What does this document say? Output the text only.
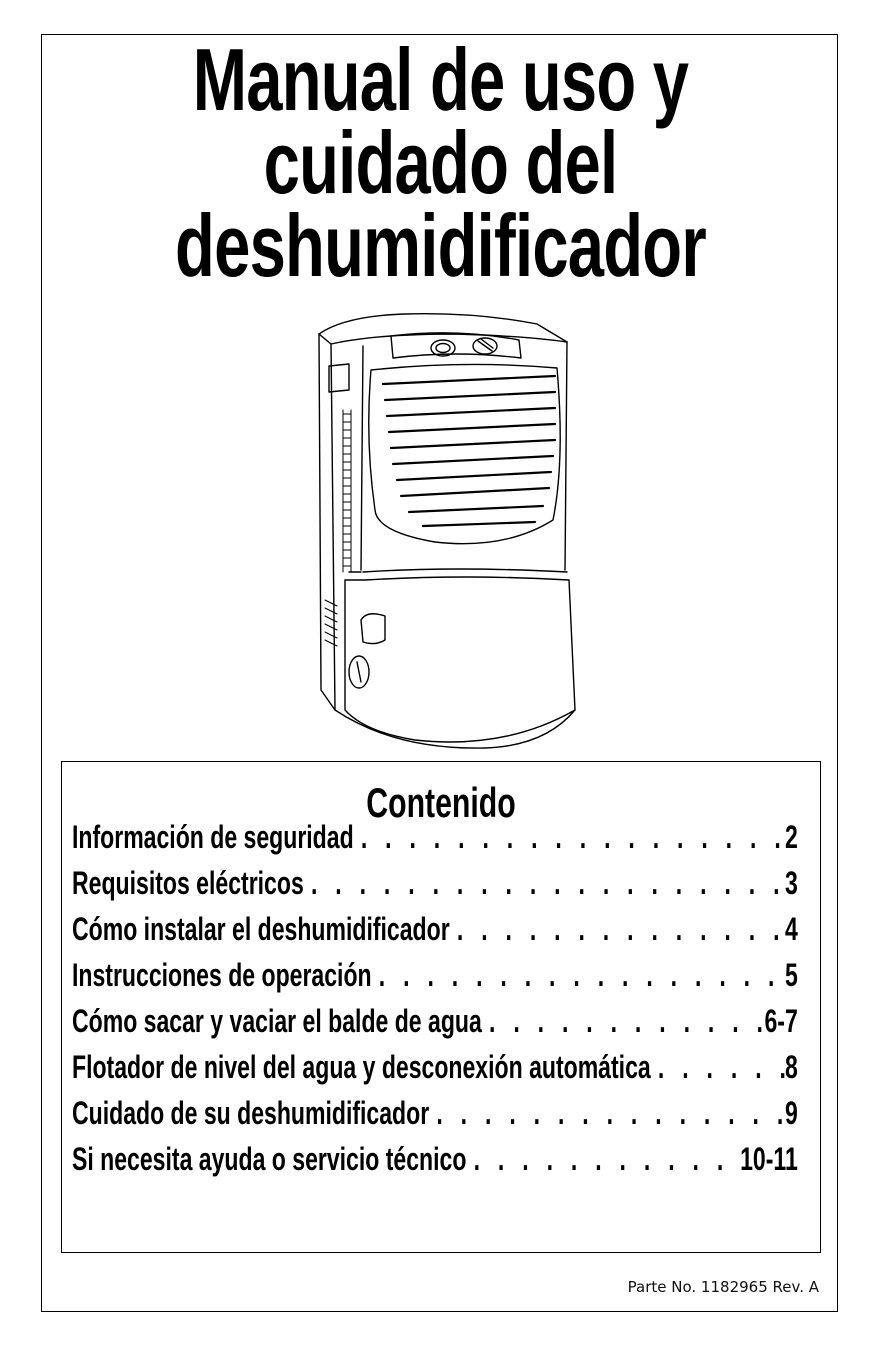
Manual de uso y
cuidado del
deshumidificador
Contenido
Información de seguridad . . .	2
Requisitos eléctricos . . .	3
Cómo instalar el deshumidificador . . .	4
Instrucciones de operación . . .	5
Cómo sacar y vaciar el balde de agua . . .	6-7
Flotador de nivel del agua y desconexión automática . . .	8
Cuidado de su deshumidificador . . .	9
Si necesita ayuda o servicio técnico . . .	10-11
Parte No. 1182965 Rev. A
